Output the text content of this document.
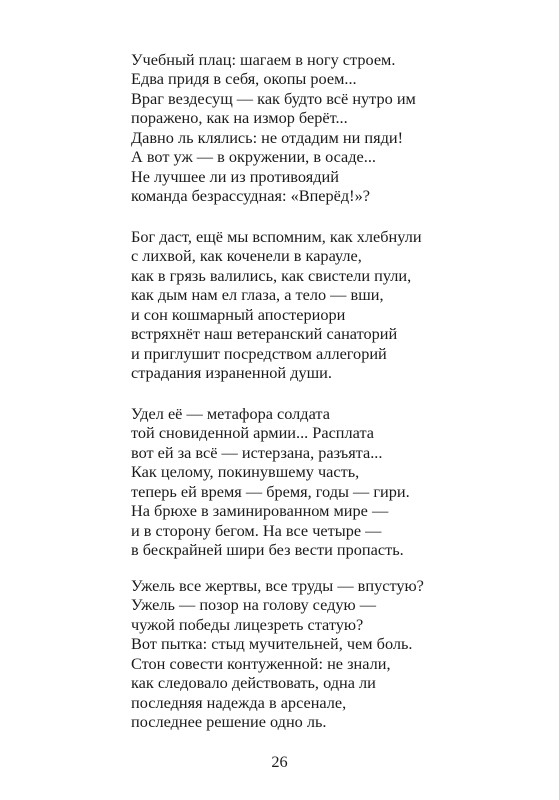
Учебный плац: шагаем в ногу строем.
Едва придя в себя, окопы роем...
Враг вездесущ — как будто всё нутро им
поражено, как на измор берёт...
Давно ль клялись: не отдадим ни пяди!
А вот уж — в окружении, в осаде...
Не лучшее ли из противоядий
команда безрассудная: «Вперёд!»?
Бог даст, ещё мы вспомним, как хлебнули
с лихвой, как коченели в карауле,
как в грязь валились, как свистели пули,
как дым нам ел глаза, а тело — вши,
и сон кошмарный апостериори
встряхнёт наш ветеранский санаторий
и приглушит посредством аллегорий
страдания израненной души.
Удел её — метафора солдата
той сновиденной армии... Расплата
вот ей за всё — истерзана, разъята...
Как целому, покинувшему часть,
теперь ей время — бремя, годы — гири.
На брюхе в заминированном мире —
и в сторону бегом. На все четыре —
в бескрайней шири без вести пропасть.
Ужель все жертвы, все труды — впустую?
Ужель — позор на голову седую —
чужой победы лицезреть статую?
Вот пытка: стыд мучительней, чем боль.
Стон совести контуженной: не знали,
как следовало действовать, одна ли
последняя надежда в арсенале,
последнее решение одно ль.
26
